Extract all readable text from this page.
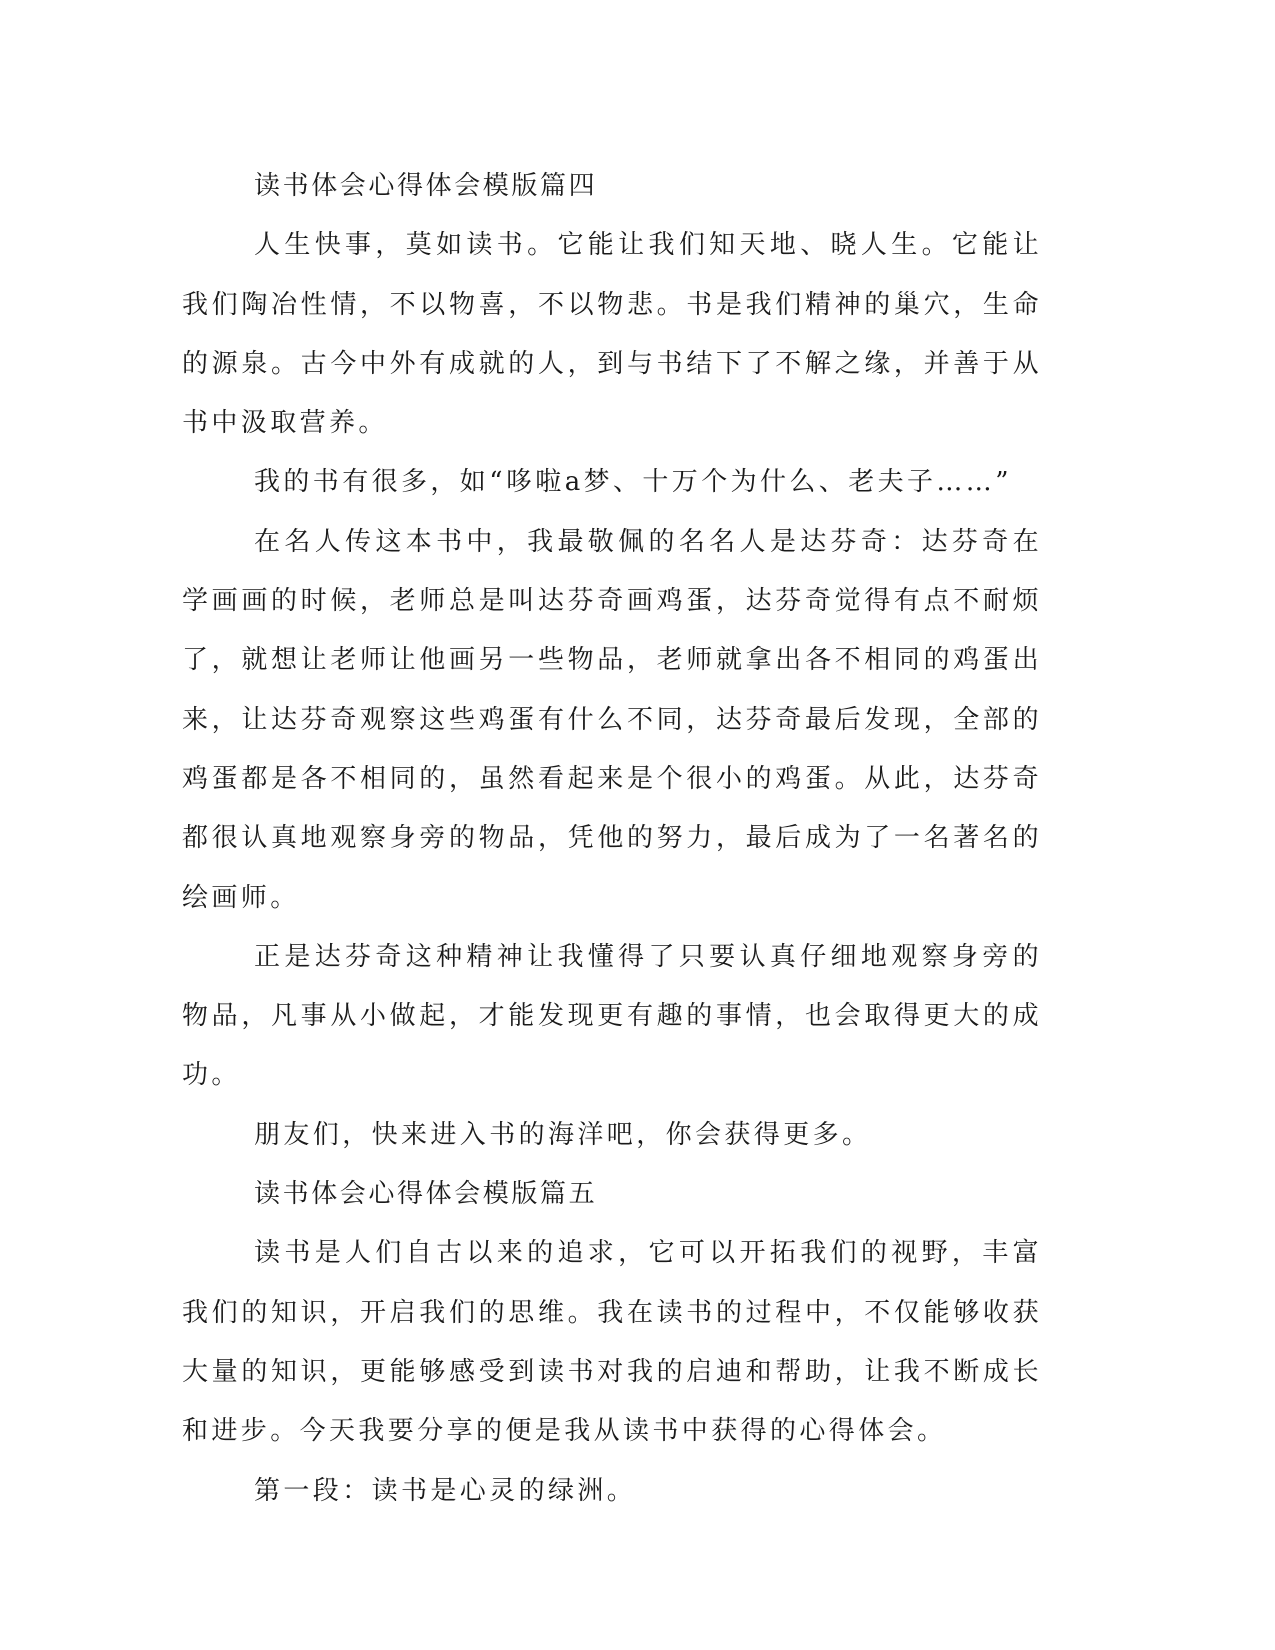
读书体会心得体会模版篇四

人生快事，莫如读书。它能让我们知天地、晓人生。它能让我们陶冶性情，不以物喜，不以物悲。书是我们精神的巢穴，生命的源泉。古今中外有成就的人，到与书结下了不解之缘，并善于从书中汲取营养。

我的书有很多，如“哆啦a梦、十万个为什么、老夫子……”

在名人传这本书中，我最敬佩的名名人是达芬奇：达芬奇在学画画的时候，老师总是叫达芬奇画鸡蛋，达芬奇觉得有点不耐烦了，就想让老师让他画另一些物品，老师就拿出各不相同的鸡蛋出来，让达芬奇观察这些鸡蛋有什么不同，达芬奇最后发现，全部的鸡蛋都是各不相同的，虽然看起来是个很小的鸡蛋。从此，达芬奇都很认真地观察身旁的物品，凭他的努力，最后成为了一名著名的绘画师。

正是达芬奇这种精神让我懂得了只要认真仔细地观察身旁的物品，凡事从小做起，才能发现更有趣的事情，也会取得更大的成功。

朋友们，快来进入书的海洋吧，你会获得更多。

读书体会心得体会模版篇五

读书是人们自古以来的追求，它可以开拓我们的视野，丰富我们的知识，开启我们的思维。我在读书的过程中，不仅能够收获大量的知识，更能够感受到读书对我的启迪和帮助，让我不断成长和进步。今天我要分享的便是我从读书中获得的心得体会。

第一段：读书是心灵的绿洲。
